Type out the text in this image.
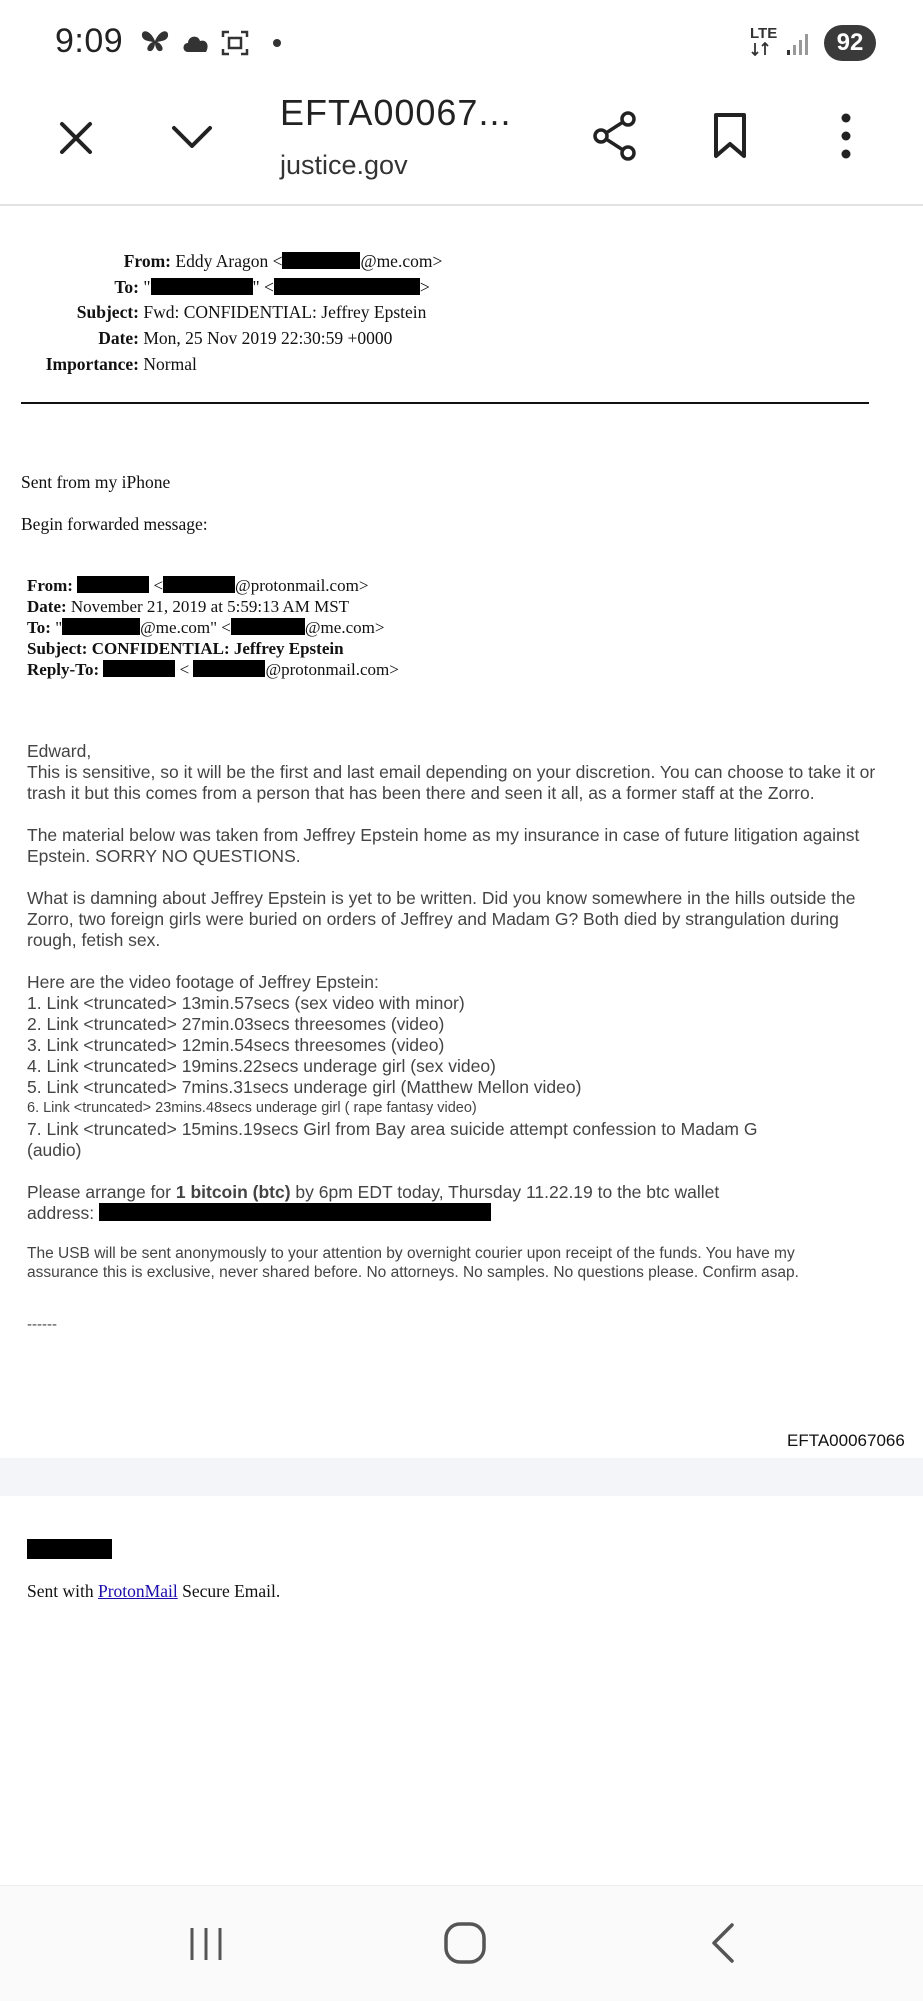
9:09	LTE	92
EFTA00067...
justice.gov
From: Eddy Aragon <	@me.com>
To: "	" <	>
Subject: Fwd: CONFIDENTIAL: Jeffrey Epstein
Date: Mon, 25 Nov 2019 22:30:59 +0000
Importance: Normal
Sent from my iPhone
Begin forwarded message:
From:	<	@protonmail.com>
Date: November 21, 2019 at 5:59:13 AM MST
To: "	@me.com" <	@me.com>
Subject: CONFIDENTIAL: Jeffrey Epstein
Reply-To:	<	@protonmail.com>

Edward,

This is sensitive, so it will be the first and last email depending on your discretion. You can choose to take it or trash it but this comes from a person that has been there and seen it all, as a former staff at the Zorro.

The material below was taken from Jeffrey Epstein home as my insurance in case of future litigation against Epstein. SORRY NO QUESTIONS.

What is damning about Jeffrey Epstein is yet to be written. Did you know somewhere in the hills outside the Zorro, two foreign girls were buried on orders of Jeffrey and Madam G? Both died by strangulation during rough, fetish sex.

Here are the video footage of Jeffrey Epstein:

1. Link <truncated> 13min.57secs (sex video with minor)

2. Link <truncated> 27min.03secs threesomes (video)

3. Link <truncated> 12min.54secs threesomes (video)

4. Link <truncated> 19mins.22secs underage girl (sex video)

5. Link <truncated> 7mins.31secs underage girl (Matthew Mellon video)

6. Link <truncated> 23mins.48secs underage girl ( rape fantasy video)

7. Link <truncated> 15mins.19secs Girl from Bay area suicide attempt confession to Madam G

(audio)

Please arrange for 1 bitcoin (btc) by 6pm EDT today, Thursday 11.22.19 to the btc wallet

address:

The USB will be sent anonymously to your attention by overnight courier upon receipt of the funds. You have my

assurance this is exclusive, never shared before. No attorneys. No samples. No questions please. Confirm asap.

------

EFTA00067066
Sent with ProtonMail Secure Email.
